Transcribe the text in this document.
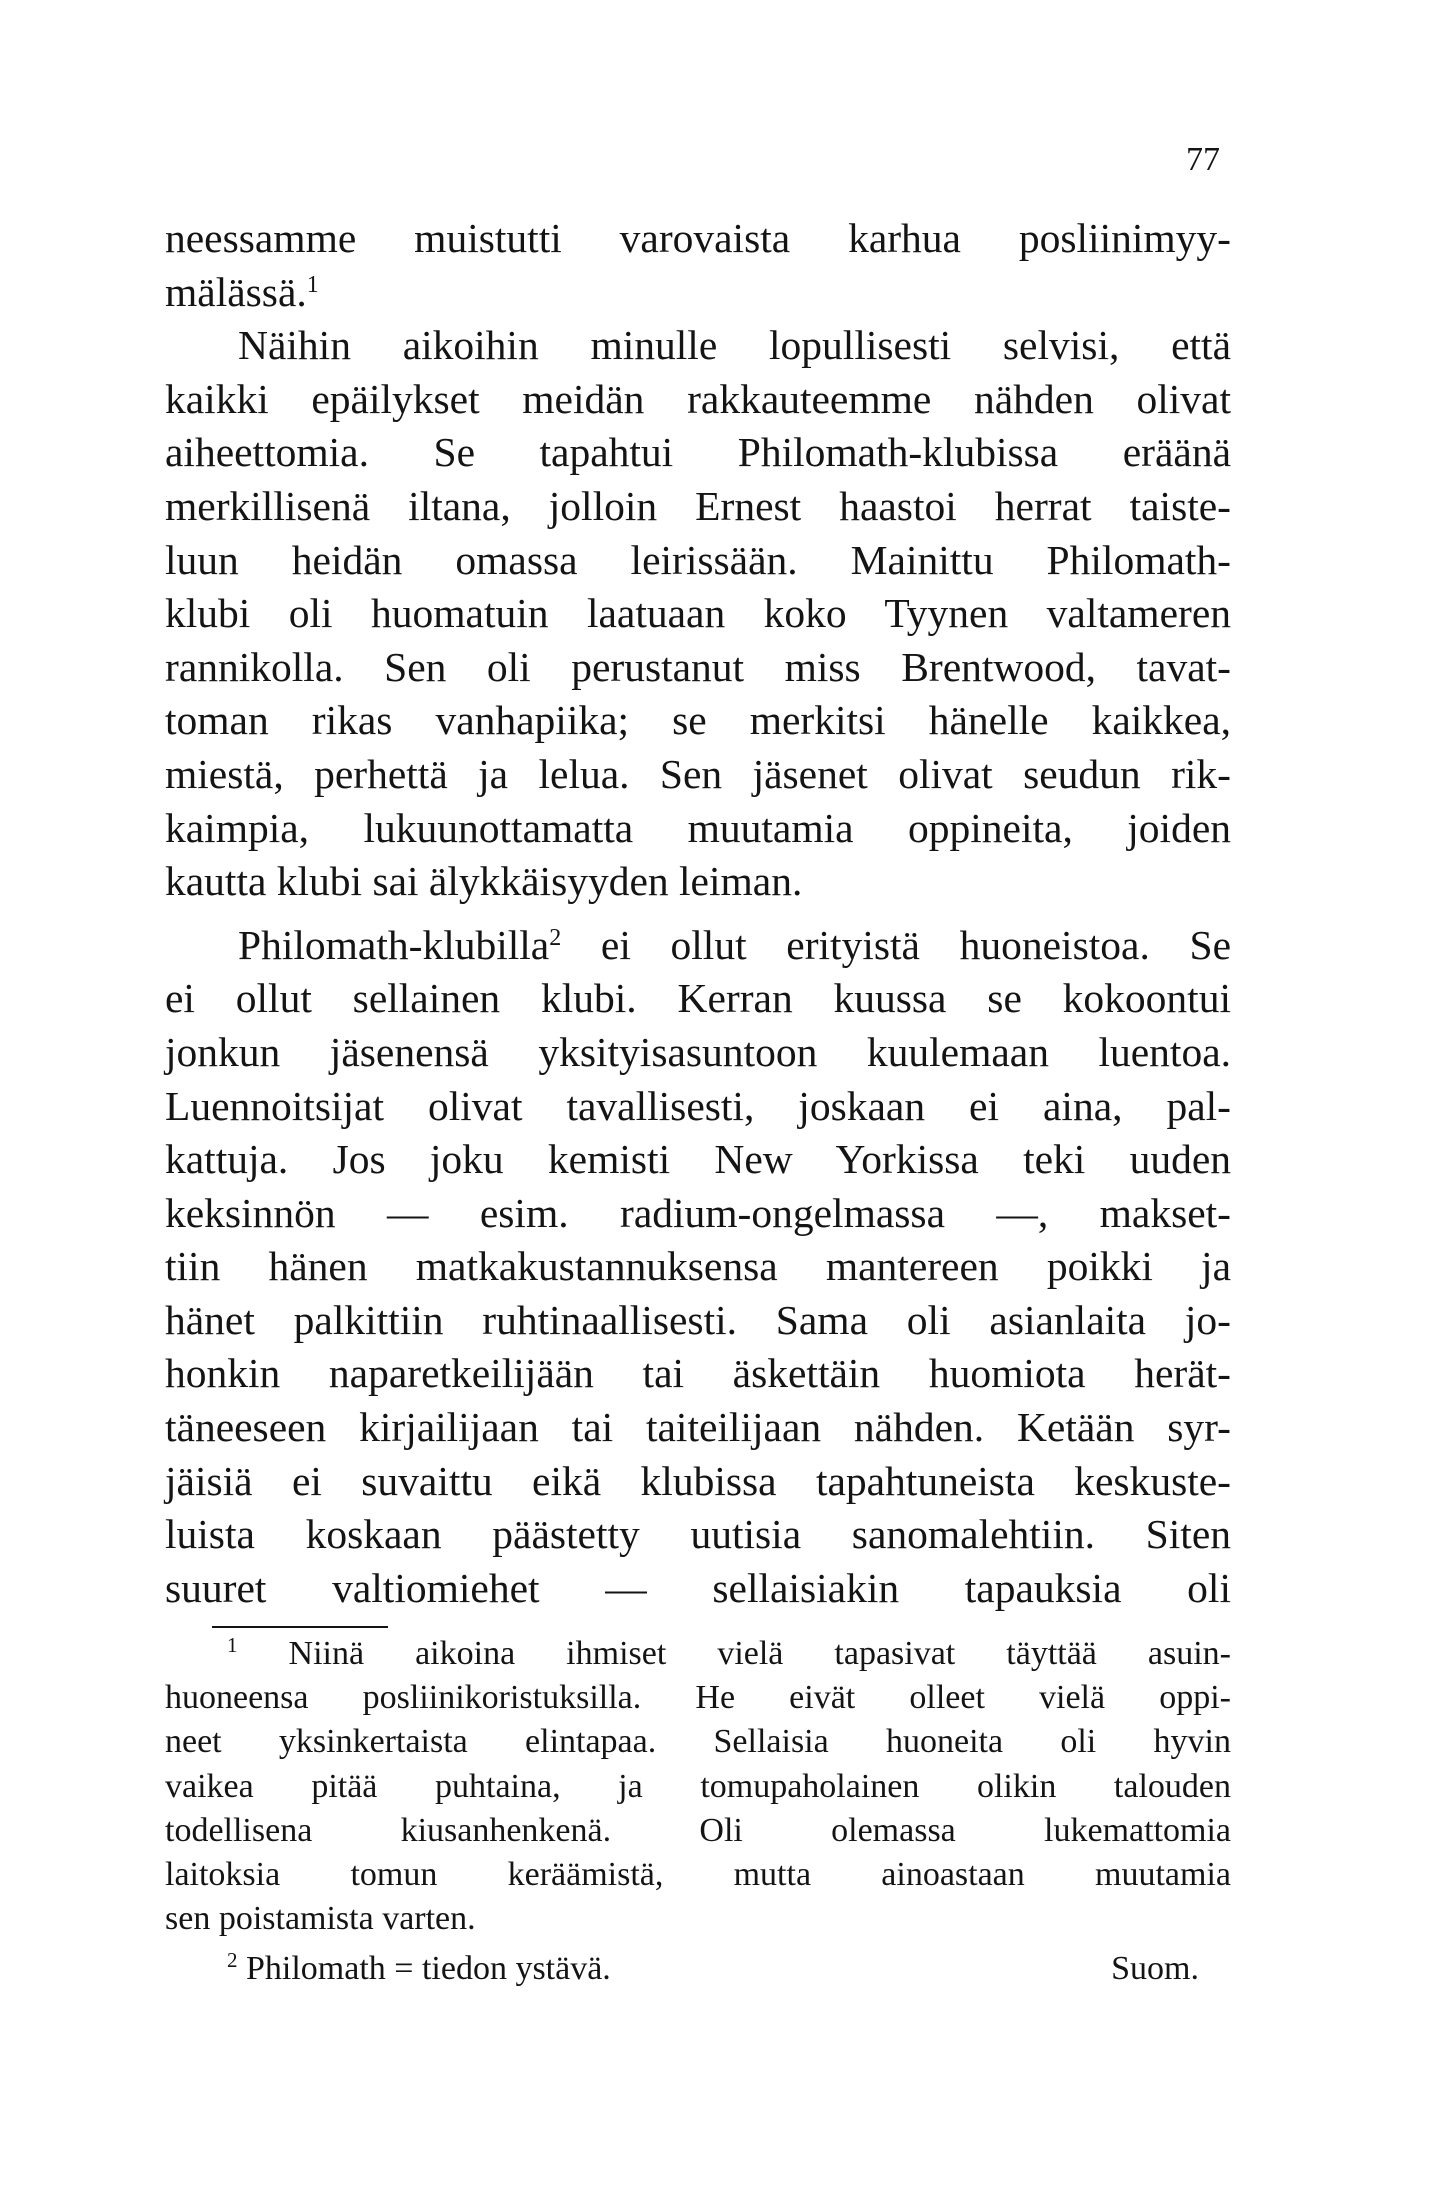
77
neessamme muistutti varovaista karhua posliinimyy-
mälässä.$^1$
Näihin aikoihin minulle lopullisesti selvisi, että
kaikki epäilykset meidän rakkauteemme nähden olivat
aiheettomia. Se tapahtui Philomath-klubissa eräänä
merkillisenä iltana, jolloin Ernest haastoi herrat taiste-
luun heidän omassa leirissään. Mainittu Philomath-
klubi oli huomatuin laatuaan koko Tyynen valtameren
rannikolla. Sen oli perustanut miss Brentwood, tavat-
toman rikas vanhapiika; se merkitsi hänelle kaikkea,
miestä, perhettä ja lelua. Sen jäsenet olivat seudun rik-
kaimpia, lukuunottamatta muutamia oppineita, joiden
kautta klubi sai älykkäisyyden leiman.
Philomath-klubilla$^2$ ei ollut erityistä huoneistoa. Se
ei ollut sellainen klubi. Kerran kuussa se kokoontui
jonkun jäsenensä yksityisasuntoon kuulemaan luentoa.
Luennoitsijat olivat tavallisesti, joskaan ei aina, pal-
kattuja. Jos joku kemisti New Yorkissa teki uuden
keksinnön — esim. radium-ongelmassa —, makset-
tiin hänen matkakustannuksensa mantereen poikki ja
hänet palkittiin ruhtinaallisesti. Sama oli asianlaita jo-
honkin naparetkeilijään tai äskettäin huomiota herät-
täneeseen kirjailijaan tai taiteilijaan nähden. Ketään syr-
jäisiä ei suvaittu eikä klubissa tapahtuneista keskuste-
luista koskaan päästetty uutisia sanomalehtiin. Siten
suuret valtiomiehet — sellaisiakin tapauksia oli
$^1$ Niinä aikoina ihmiset vielä tapasivat täyttää asuin-
huoneensa posliinikoristuksilla. He eivät olleet vielä oppi-
neet yksinkertaista elintapaa. Sellaisia huoneita oli hyvin
vaikea pitää puhtaina, ja tomupaholainen olikin talouden
todellisena kiusanhenkenä. Oli olemassa lukemattomia
laitoksia tomun keräämistä, mutta ainoastaan muutamia
sen poistamista varten.
$^2$ Philomath = tiedon ystävä.	Suom.
